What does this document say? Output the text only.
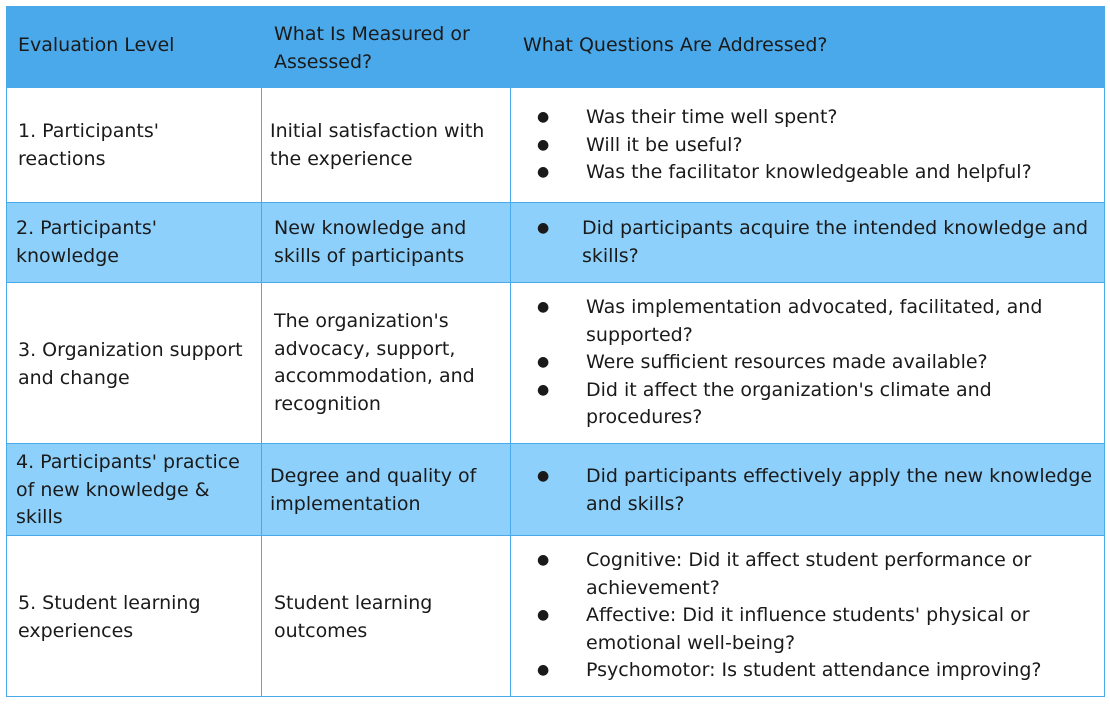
Evaluation Level	What Is Measured or
Assessed?
What Questions Are Addressed?
1. Participants'
reactions
Initial satisfaction with
the experience
● Was their time well spent?
● Will it be useful?
● Was the facilitator knowledgeable and helpful?
2. Participants'
knowledge
New knowledge and
skills of participants
● Did participants acquire the intended knowledge and
skills?
3. Organization support
and change
The organization's
advocacy, support,
accommodation, and
recognition
● Was implementation advocated, facilitated, and
supported?
● Were sufficient resources made available?
● Did it affect the organization's climate and
procedures?
4. Participants' practice
of new knowledge &
skills
Degree and quality of
implementation
● Did participants effectively apply the new knowledge
and skills?
5. Student learning
experiences
Student learning
outcomes
● Cognitive: Did it affect student performance or
achievement?
● Affective: Did it influence students' physical or
emotional well-being?
● Psychomotor: Is student attendance improving?
